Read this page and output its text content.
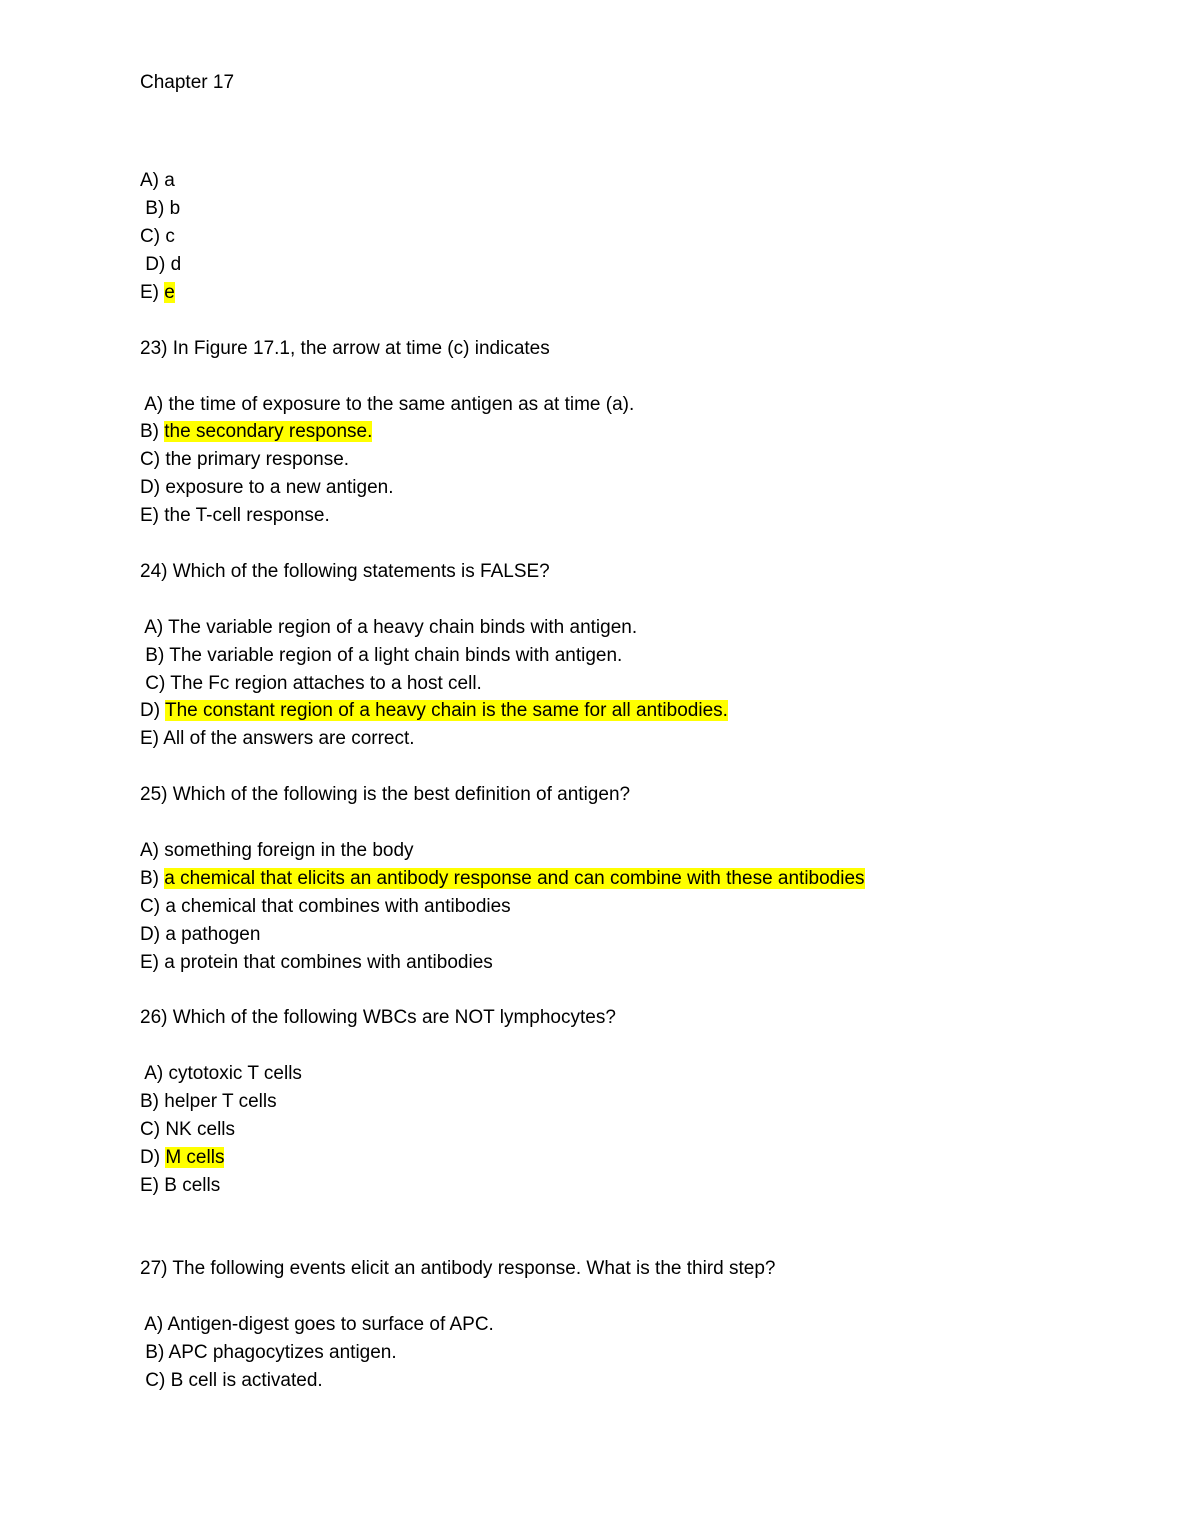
Chapter 17
A) a
B) b
C) c
D) d
E) e
23) In Figure 17.1, the arrow at time (c) indicates
A) the time of exposure to the same antigen as at time (a).
B) the secondary response.
C) the primary response.
D) exposure to a new antigen.
E) the T-cell response.
24) Which of the following statements is FALSE?
A) The variable region of a heavy chain binds with antigen.
B) The variable region of a light chain binds with antigen.
C) The Fc region attaches to a host cell.
D) The constant region of a heavy chain is the same for all antibodies.
E) All of the answers are correct.
25) Which of the following is the best definition of antigen?
A) something foreign in the body
B) a chemical that elicits an antibody response and can combine with these antibodies
C) a chemical that combines with antibodies
D) a pathogen
E) a protein that combines with antibodies
26) Which of the following WBCs are NOT lymphocytes?
A) cytotoxic T cells
B) helper T cells
C) NK cells
D) M cells
E) B cells
27) The following events elicit an antibody response. What is the third step?
A) Antigen-digest goes to surface of APC.
B) APC phagocytizes antigen.
C) B cell is activated.
